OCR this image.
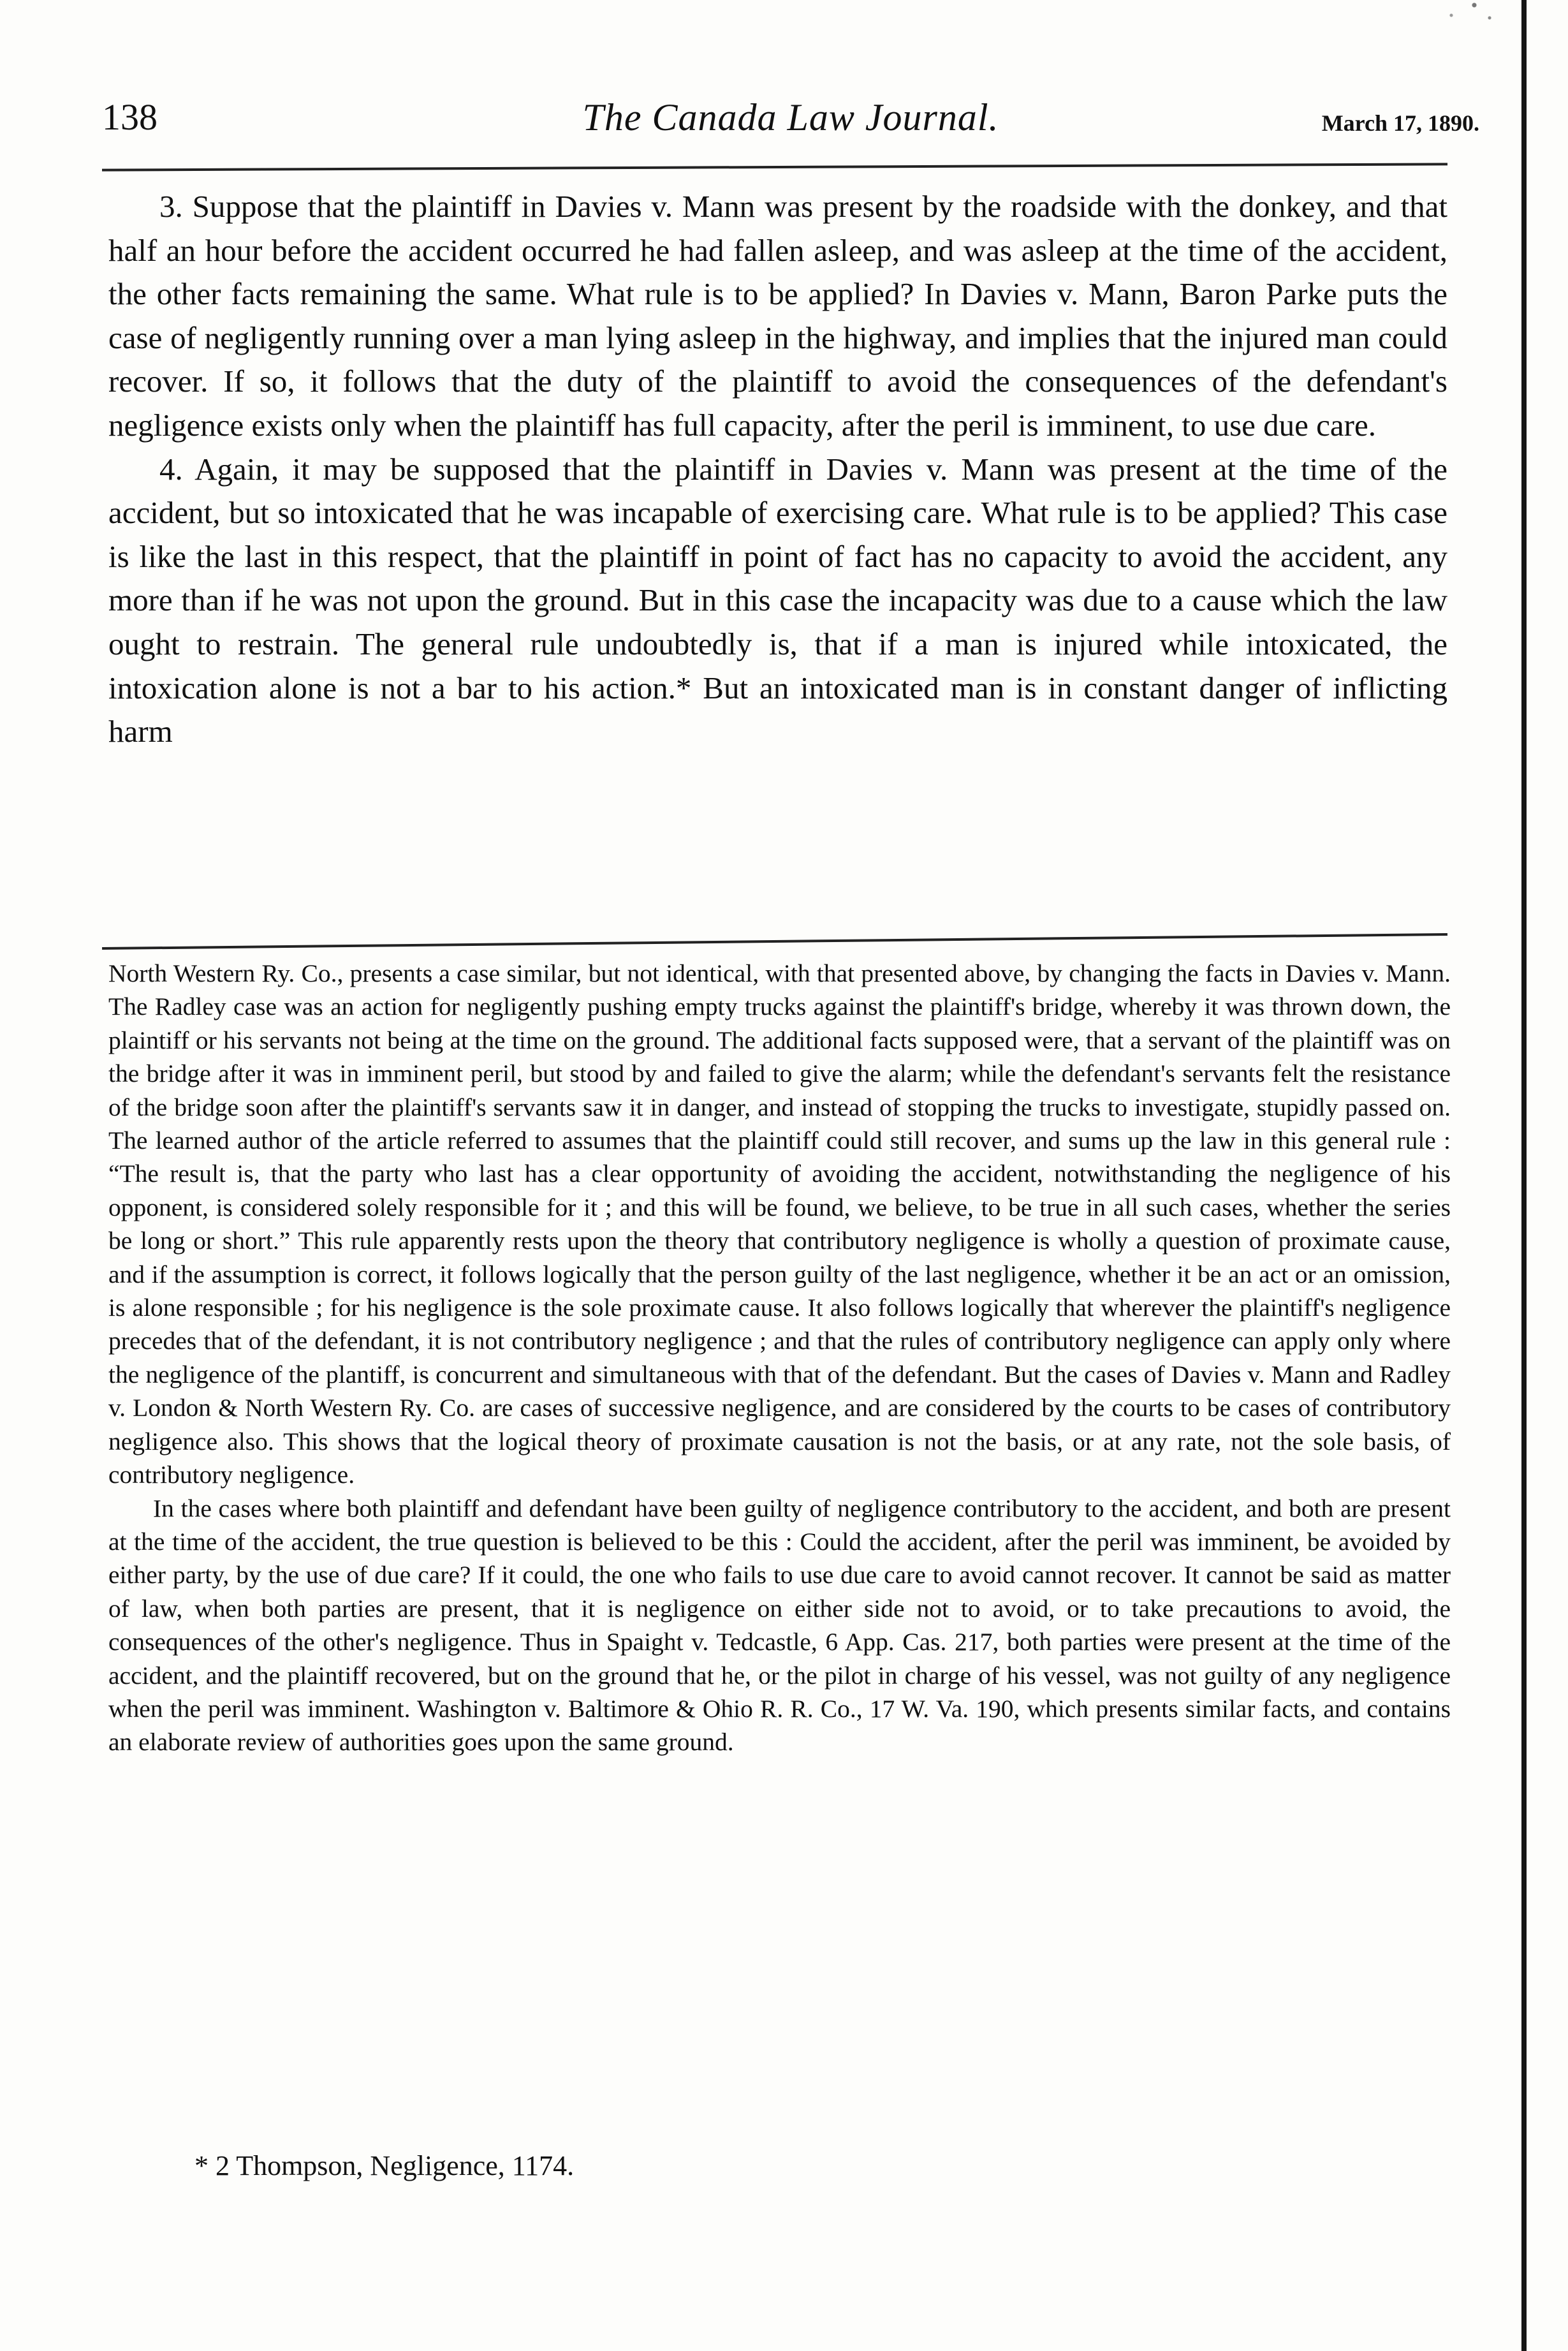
138	The Canada Law Journal.	March 17, 1890.

3. Suppose that the plaintiff in Davies v. Mann was present by the roadside with the donkey, and that half an hour before the accident occurred he had fallen asleep, and was asleep at the time of the accident, the other facts remaining the same. What rule is to be applied? In Davies v. Mann, Baron Parke puts the case of negligently running over a man lying asleep in the highway, and implies that the injured man could recover. If so, it follows that the duty of the plaintiff to avoid the consequences of the defendant's negligence exists only when the plaintiff has full capacity, after the peril is imminent, to use due care.

4. Again, it may be supposed that the plaintiff in Davies v. Mann was present at the time of the accident, but so intoxicated that he was incapable of exercising care. What rule is to be applied? This case is like the last in this respect, that the plaintiff in point of fact has no capacity to avoid the accident, any more than if he was not upon the ground. But in this case the incapacity was due to a cause which the law ought to restrain. The general rule undoubtedly is, that if a man is injured while intoxicated, the intoxication alone is not a bar to his action.* But an intoxicated man is in constant danger of inflicting harm

North Western Ry. Co., presents a case similar, but not identical, with that presented above, by changing the facts in Davies v. Mann. The Radley case was an action for negligently pushing empty trucks against the plaintiff's bridge, whereby it was thrown down, the plaintiff or his servants not being at the time on the ground. The additional facts supposed were, that a servant of the plaintiff was on the bridge after it was in imminent peril, but stood by and failed to give the alarm; while the defendant's servants felt the resistance of the bridge soon after the plaintiff's servants saw it in danger, and instead of stopping the trucks to investigate, stupidly passed on. The learned author of the article referred to assumes that the plaintiff could still recover, and sums up the law in this general rule : “The result is, that the party who last has a clear opportunity of avoiding the accident, notwithstanding the negligence of his opponent, is considered solely responsible for it ; and this will be found, we believe, to be true in all such cases, whether the series be long or short.” This rule apparently rests upon the theory that contributory negligence is wholly a question of proximate cause, and if the assumption is correct, it follows logically that the person guilty of the last negligence, whether it be an act or an omission, is alone responsible ; for his negligence is the sole proximate cause. It also follows logically that wherever the plaintiff's negligence precedes that of the defendant, it is not contributory negligence ; and that the rules of contributory negligence can apply only where the negligence of the plantiff, is concurrent and simultaneous with that of the defendant. But the cases of Davies v. Mann and Radley v. London & North Western Ry. Co. are cases of successive negligence, and are considered by the courts to be cases of contributory negligence also. This shows that the logical theory of proximate causation is not the basis, or at any rate, not the sole basis, of contributory negligence.

In the cases where both plaintiff and defendant have been guilty of negligence contributory to the accident, and both are present at the time of the accident, the true question is believed to be this : Could the accident, after the peril was imminent, be avoided by either party, by the use of due care? If it could, the one who fails to use due care to avoid cannot recover. It cannot be said as matter of law, when both parties are present, that it is negligence on either side not to avoid, or to take precautions to avoid, the consequences of the other's negligence. Thus in Spaight v. Tedcastle, 6 App. Cas. 217, both parties were present at the time of the accident, and the plaintiff recovered, but on the ground that he, or the pilot in charge of his vessel, was not guilty of any negligence when the peril was imminent. Washington v. Baltimore & Ohio R. R. Co., 17 W. Va. 190, which presents similar facts, and contains an elaborate review of authorities goes upon the same ground.

* 2 Thompson, Negligence, 1174.
